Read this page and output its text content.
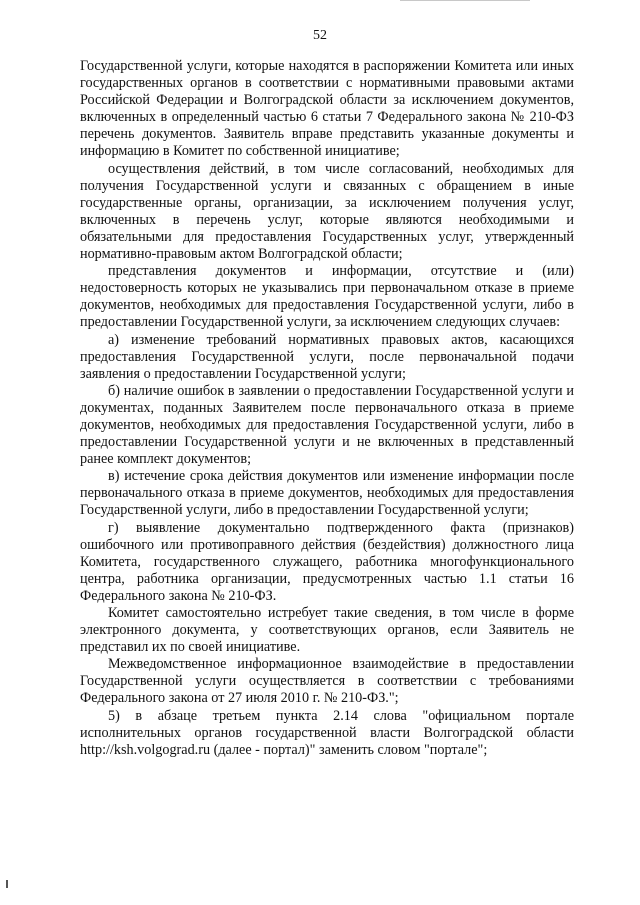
52

Государственной услуги, которые находятся в распоряжении Комитета или иных государственных органов в соответствии с нормативными правовыми актами Российской Федерации и Волгоградской области за исключением документов, включенных в определенный частью 6 статьи 7 Федерального закона № 210-ФЗ перечень документов. Заявитель вправе представить указанные документы и информацию в Комитет по собственной инициативе;

осуществления действий, в том числе согласований, необходимых для получения Государственной услуги и связанных с обращением в иные государственные органы, организации, за исключением получения услуг, включенных в перечень услуг, которые являются необходимыми и обязательными для предоставления Государственных услуг, утвержденный нормативно-правовым актом Волгоградской области;

представления документов и информации, отсутствие и (или) недостоверность которых не указывались при первоначальном отказе в приеме документов, необходимых для предоставления Государственной услуги, либо в предоставлении Государственной услуги, за исключением следующих случаев:

а) изменение требований нормативных правовых актов, касающихся предоставления Государственной услуги, после первоначальной подачи заявления о предоставлении Государственной услуги;

б) наличие ошибок в заявлении о предоставлении Государственной услуги и документах, поданных Заявителем после первоначального отказа в приеме документов, необходимых для предоставления Государственной услуги, либо в предоставлении Государственной услуги и не включенных в представленный ранее комплект документов;

в) истечение срока действия документов или изменение информации после первоначального отказа в приеме документов, необходимых для предоставления Государственной услуги, либо в предоставлении Государственной услуги;

г) выявление документально подтвержденного факта (признаков) ошибочного или противоправного действия (бездействия) должностного лица Комитета, государственного служащего, работника многофункционального центра, работника организации, предусмотренных частью 1.1 статьи 16 Федерального закона № 210-ФЗ.

Комитет самостоятельно истребует такие сведения, в том числе в форме электронного документа, у соответствующих органов, если Заявитель не представил их по своей инициативе.

Межведомственное информационное взаимодействие в предоставлении Государственной услуги осуществляется в соответствии с требованиями Федерального закона от 27 июля 2010 г. № 210-ФЗ.";

5) в абзаце третьем пункта 2.14 слова "официальном портале исполнительных органов государственной власти Волгоградской области http://ksh.volgograd.ru (далее - портал)" заменить словом "портале";
